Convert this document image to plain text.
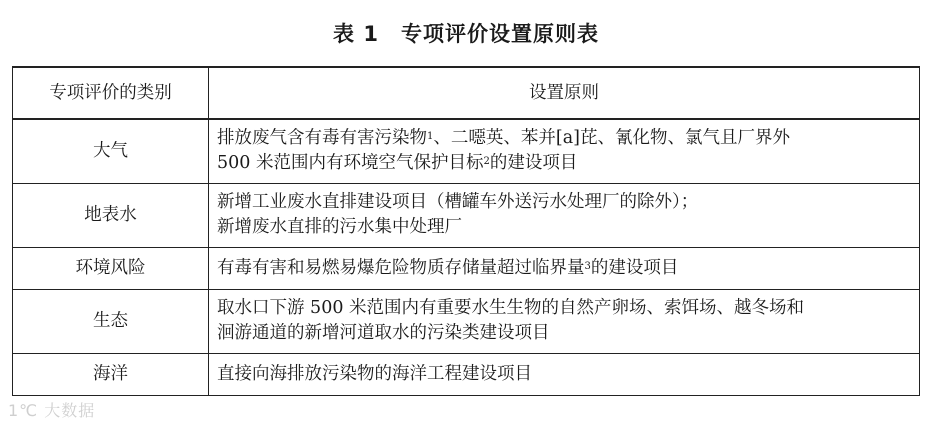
表 1 专项评价设置原则表
专项评价的类别	设置原则
大气	排放废气含有毒有害污染物$^1$、二噁英、苯并[a]芘、氰化物、氯气且厂界外
500 米范围内有环境空气保护目标$^2$的建设项目

地表水	新增工业废水直排建设项目（槽罐车外送污水处理厂的除外）；
新增废水直排的污水集中处理厂

环境风险	有毒有害和易燃易爆危险物质存储量超过临界量$^3$的建设项目

生态	取水口下游 500 米范围内有重要水生生物的自然产卵场、索饵场、越冬场和
洄游通道的新增河道取水的污染类建设项目

海洋	直接向海排放污染物的海洋工程建设项目
1℃ 大数据
